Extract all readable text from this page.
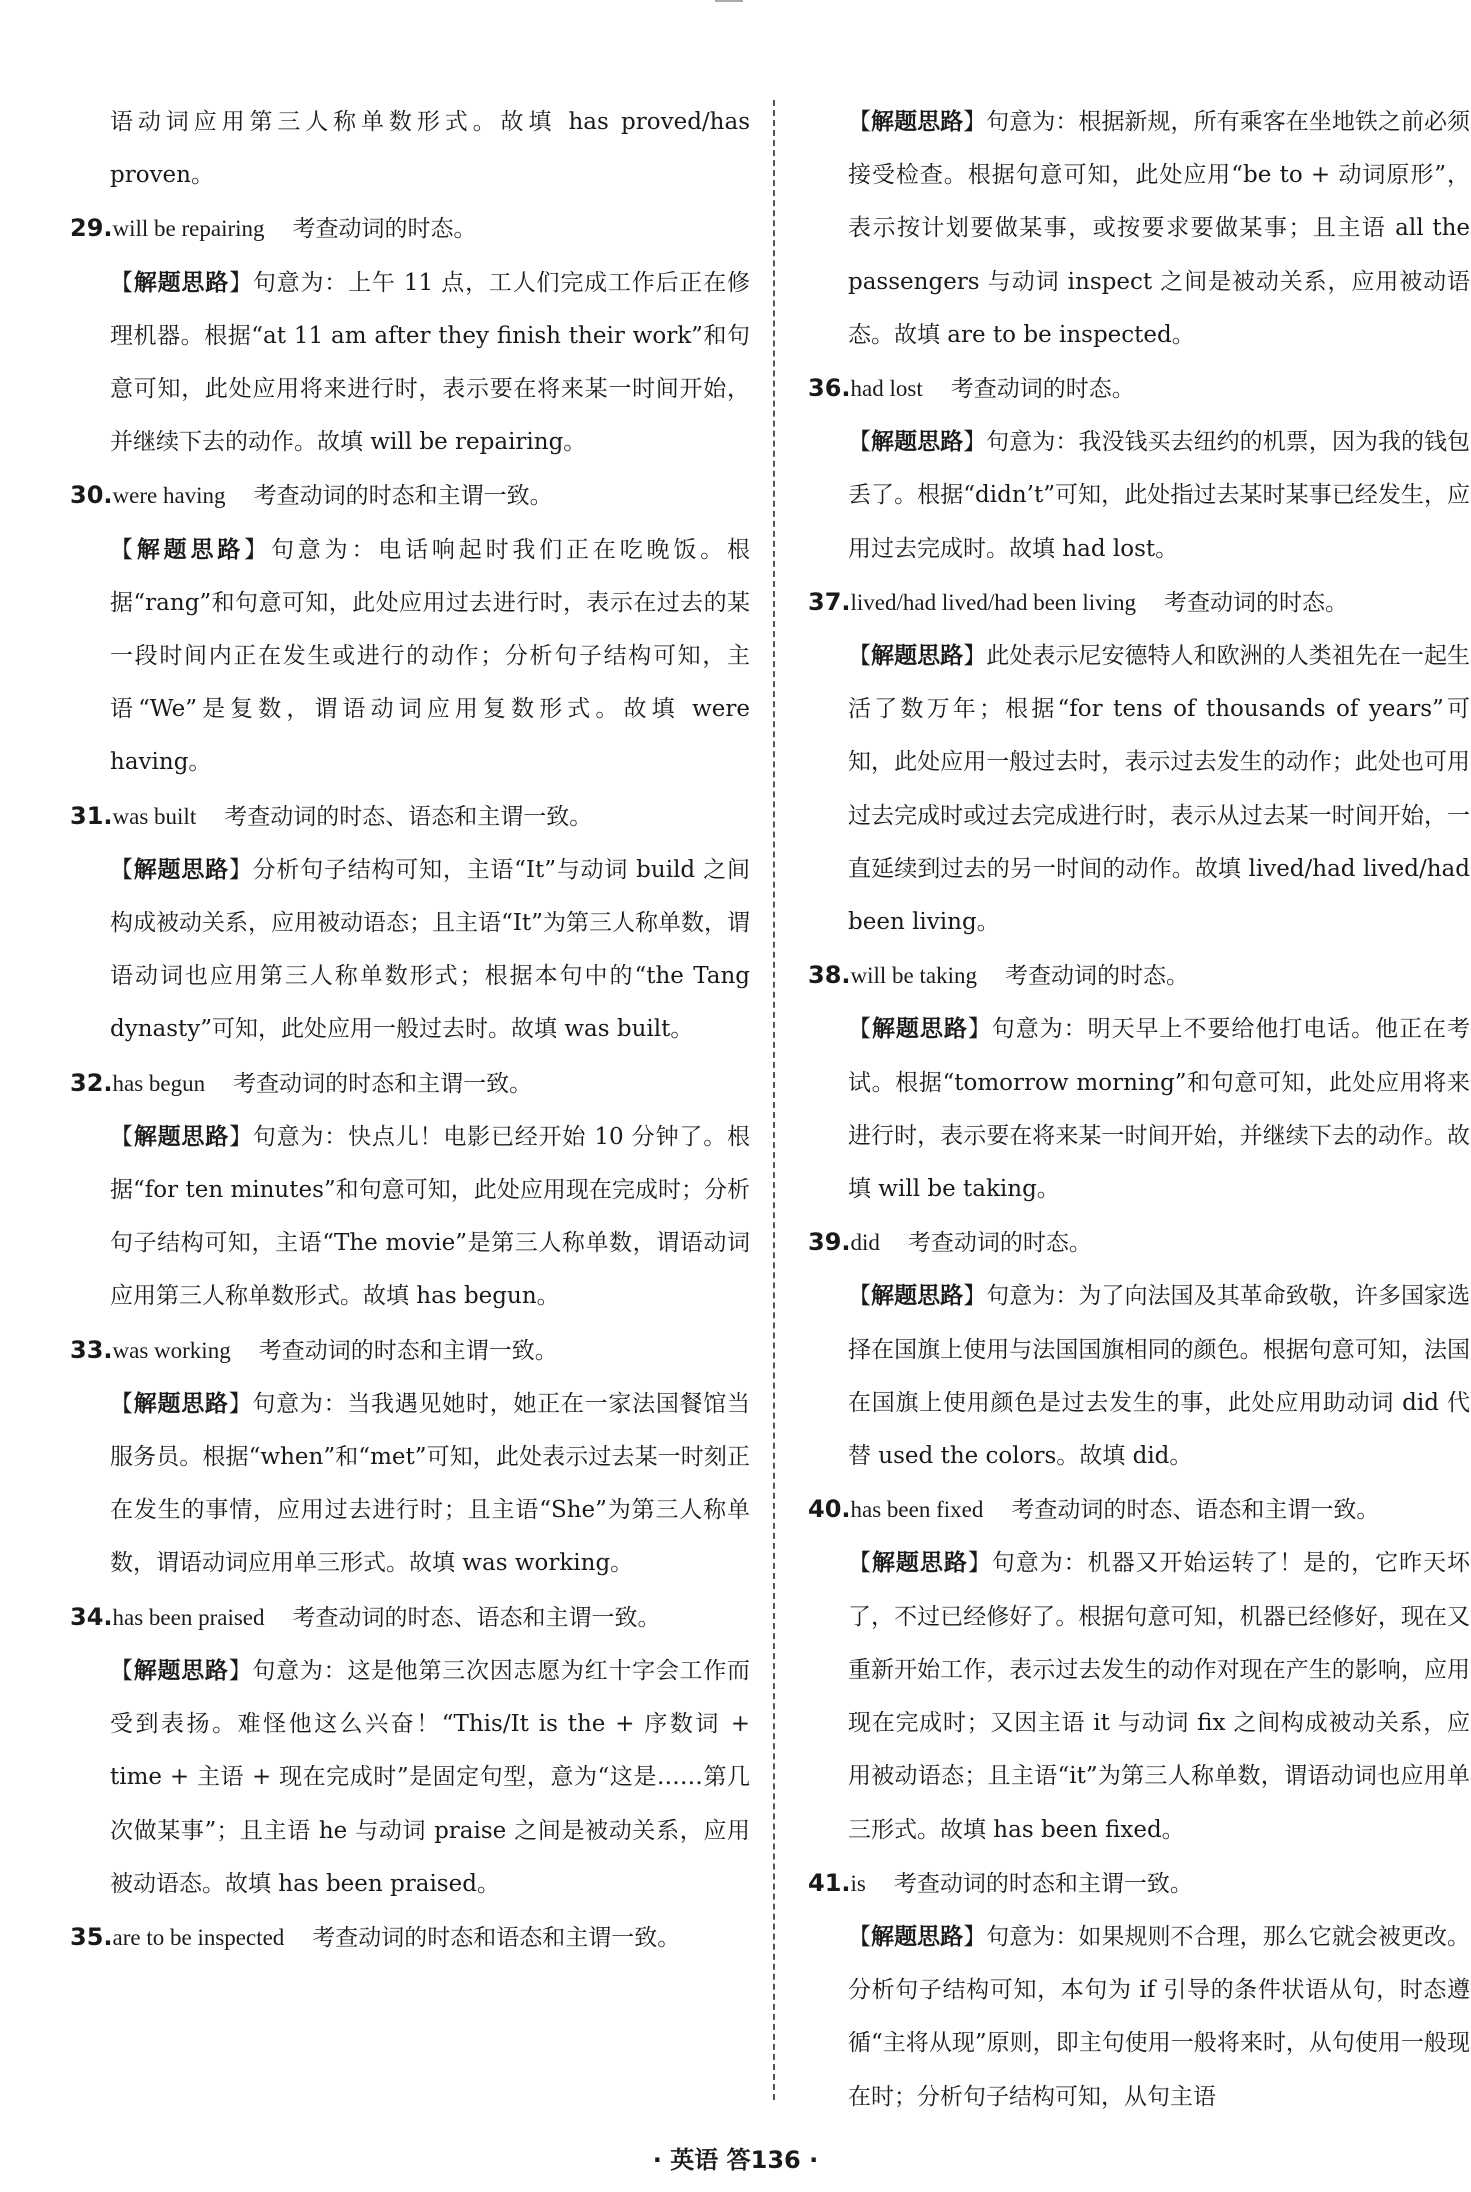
语动词应用第三人称单数形式。故填 has proved/has proven。

29.will be repairing 考查动词的时态。

【解题思路】句意为：上午 11 点，工人们完成工作后正在修理机器。根据“at 11 am after they finish their work”和句意可知，此处应用将来进行时，表示要在将来某一时间开始，并继续下去的动作。故填 will be repairing。

30.were having 考查动词的时态和主谓一致。

【解题思路】句意为：电话响起时我们正在吃晚饭。根据“rang”和句意可知，此处应用过去进行时，表示在过去的某一段时间内正在发生或进行的动作；分析句子结构可知，主语“We”是复数，谓语动词应用复数形式。故填 were having。

31.was built 考查动词的时态、语态和主谓一致。

【解题思路】分析句子结构可知，主语“It”与动词 build 之间构成被动关系，应用被动语态；且主语“It”为第三人称单数，谓语动词也应用第三人称单数形式；根据本句中的“the Tang dynasty”可知，此处应用一般过去时。故填 was built。

32.has begun 考查动词的时态和主谓一致。

【解题思路】句意为：快点儿！电影已经开始 10 分钟了。根据“for ten minutes”和句意可知，此处应用现在完成时；分析句子结构可知，主语“The movie”是第三人称单数，谓语动词应用第三人称单数形式。故填 has begun。

33.was working 考查动词的时态和主谓一致。

【解题思路】句意为：当我遇见她时，她正在一家法国餐馆当服务员。根据“when”和“met”可知，此处表示过去某一时刻正在发生的事情，应用过去进行时；且主语“She”为第三人称单数，谓语动词应用单三形式。故填 was working。

34.has been praised 考查动词的时态、语态和主谓一致。

【解题思路】句意为：这是他第三次因志愿为红十字会工作而受到表扬。难怪他这么兴奋！“This/It is the + 序数词 + time + 主语 + 现在完成时”是固定句型，意为“这是……第几次做某事”；且主语 he 与动词 praise 之间是被动关系，应用被动语态。故填 has been praised。

35.are to be inspected 考查动词的时态和语态和主谓一致。

【解题思路】句意为：根据新规，所有乘客在坐地铁之前必须接受检查。根据句意可知，此处应用“be to + 动词原形”，表示按计划要做某事，或按要求要做某事；且主语 all the passengers 与动词 inspect 之间是被动关系，应用被动语态。故填 are to be inspected。

36.had lost 考查动词的时态。

【解题思路】句意为：我没钱买去纽约的机票，因为我的钱包丢了。根据“didn’t”可知，此处指过去某时某事已经发生，应用过去完成时。故填 had lost。

37.lived/had lived/had been living 考查动词的时态。

【解题思路】此处表示尼安德特人和欧洲的人类祖先在一起生活了数万年；根据“for tens of thousands of years”可知，此处应用一般过去时，表示过去发生的动作；此处也可用过去完成时或过去完成进行时，表示从过去某一时间开始，一直延续到过去的另一时间的动作。故填 lived/had lived/had been living。

38.will be taking 考查动词的时态。

【解题思路】句意为：明天早上不要给他打电话。他正在考试。根据“tomorrow morning”和句意可知，此处应用将来进行时，表示要在将来某一时间开始，并继续下去的动作。故填 will be taking。

39.did 考查动词的时态。

【解题思路】句意为：为了向法国及其革命致敬，许多国家选择在国旗上使用与法国国旗相同的颜色。根据句意可知，法国在国旗上使用颜色是过去发生的事，此处应用助动词 did 代替 used the colors。故填 did。

40.has been fixed 考查动词的时态、语态和主谓一致。

【解题思路】句意为：机器又开始运转了！是的，它昨天坏了，不过已经修好了。根据句意可知，机器已经修好，现在又重新开始工作，表示过去发生的动作对现在产生的影响，应用现在完成时；又因主语 it 与动词 fix 之间构成被动关系，应用被动语态；且主语“it”为第三人称单数，谓语动词也应用单三形式。故填 has been fixed。

41.is 考查动词的时态和主谓一致。

【解题思路】句意为：如果规则不合理，那么它就会被更改。分析句子结构可知，本句为 if 引导的条件状语从句，时态遵循“主将从现”原则，即主句使用一般将来时，从句使用一般现在时；分析句子结构可知，从句主语

· 英语 答136 ·
